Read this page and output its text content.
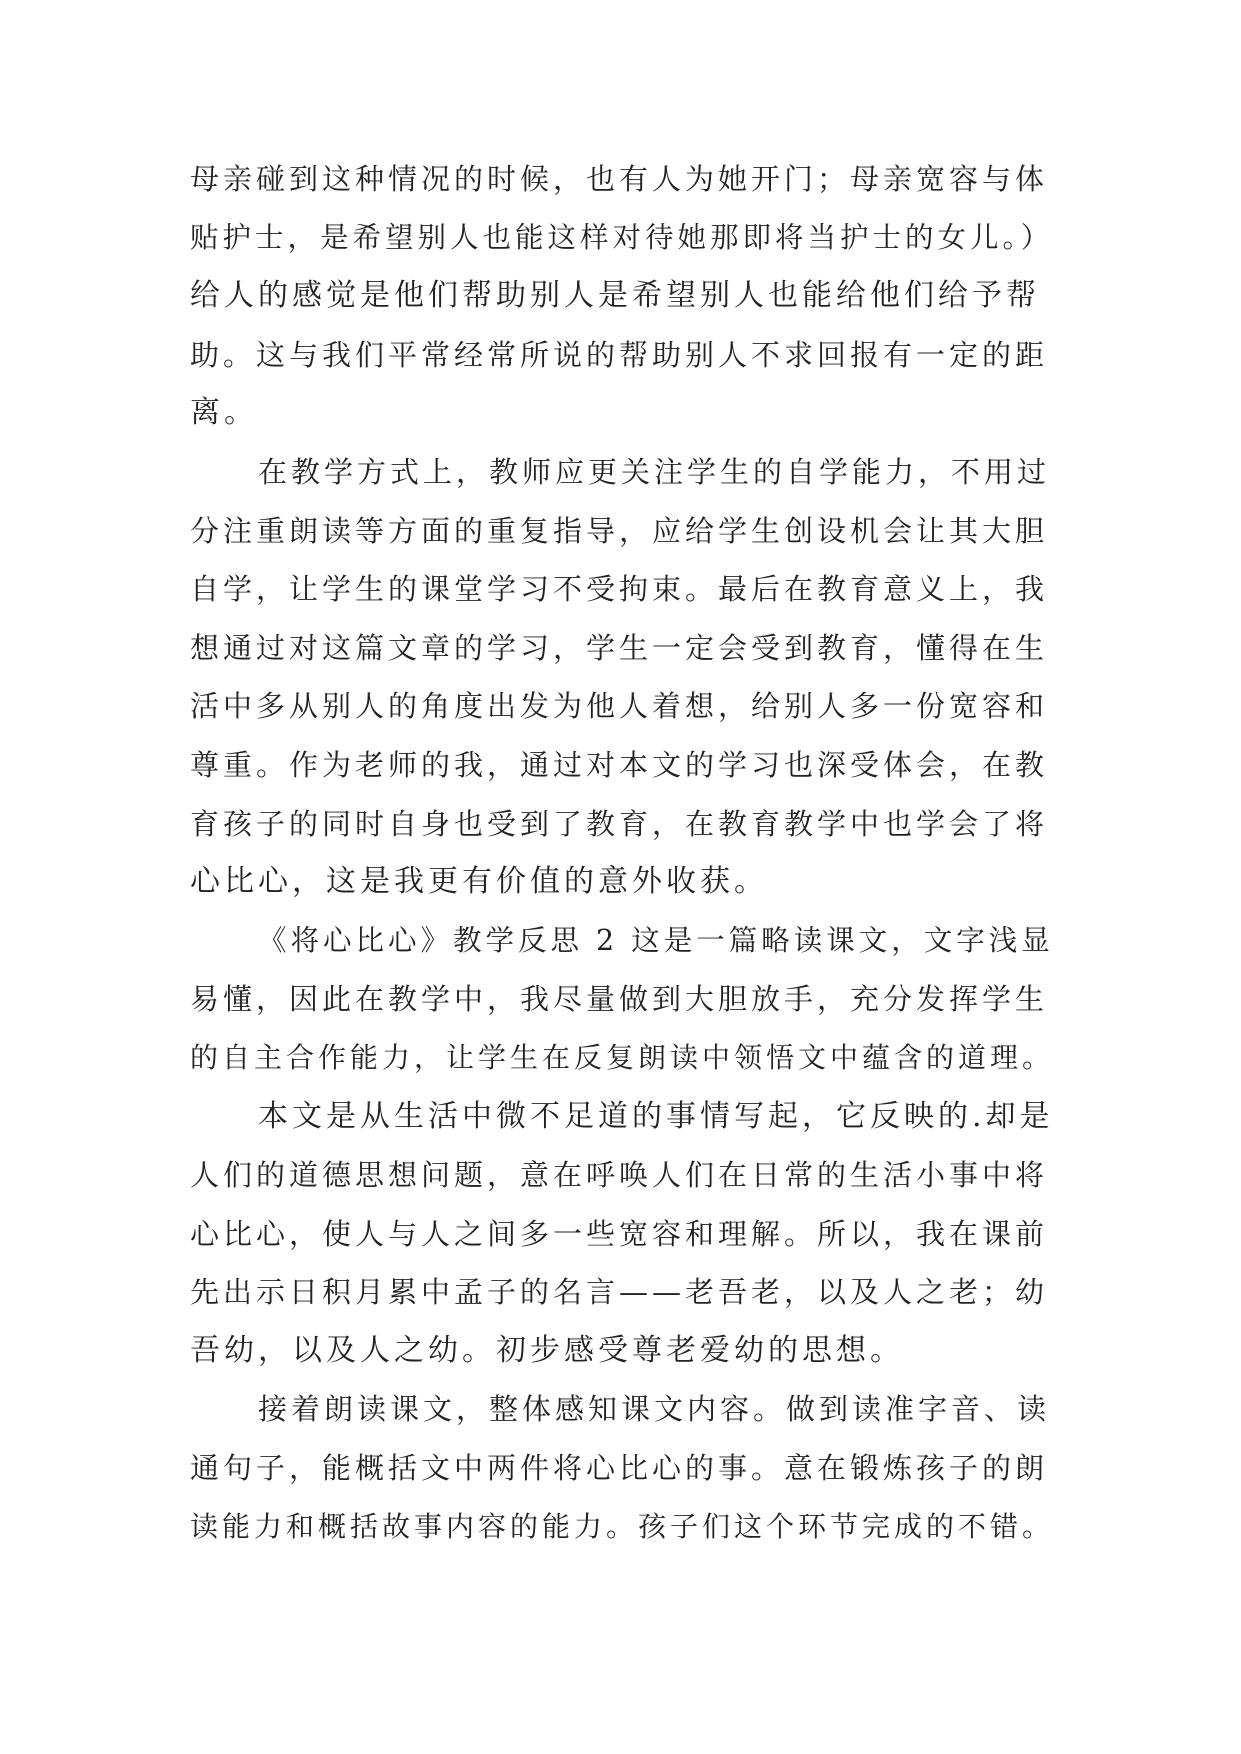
母亲碰到这种情况的时候，也有人为她开门；母亲宽容与体
贴护士，是希望别人也能这样对待她那即将当护士的女儿。）
给人的感觉是他们帮助别人是希望别人也能给他们给予帮
助。这与我们平常经常所说的帮助别人不求回报有一定的距
离。
在教学方式上，教师应更关注学生的自学能力，不用过
分注重朗读等方面的重复指导，应给学生创设机会让其大胆
自学，让学生的课堂学习不受拘束。最后在教育意义上，我
想通过对这篇文章的学习，学生一定会受到教育，懂得在生
活中多从别人的角度出发为他人着想，给别人多一份宽容和
尊重。作为老师的我，通过对本文的学习也深受体会，在教
育孩子的同时自身也受到了教育，在教育教学中也学会了将
心比心，这是我更有价值的意外收获。
《将心比心》教学反思 2 这是一篇略读课文，文字浅显
易懂，因此在教学中，我尽量做到大胆放手，充分发挥学生
的自主合作能力，让学生在反复朗读中领悟文中蕴含的道理。
本文是从生活中微不足道的事情写起，它反映的.却是
人们的道德思想问题，意在呼唤人们在日常的生活小事中将
心比心，使人与人之间多一些宽容和理解。所以，我在课前
先出示日积月累中孟子的名言——老吾老，以及人之老；幼
吾幼，以及人之幼。初步感受尊老爱幼的思想。
接着朗读课文，整体感知课文内容。做到读准字音、读
通句子，能概括文中两件将心比心的事。意在锻炼孩子的朗
读能力和概括故事内容的能力。孩子们这个环节完成的不错。
